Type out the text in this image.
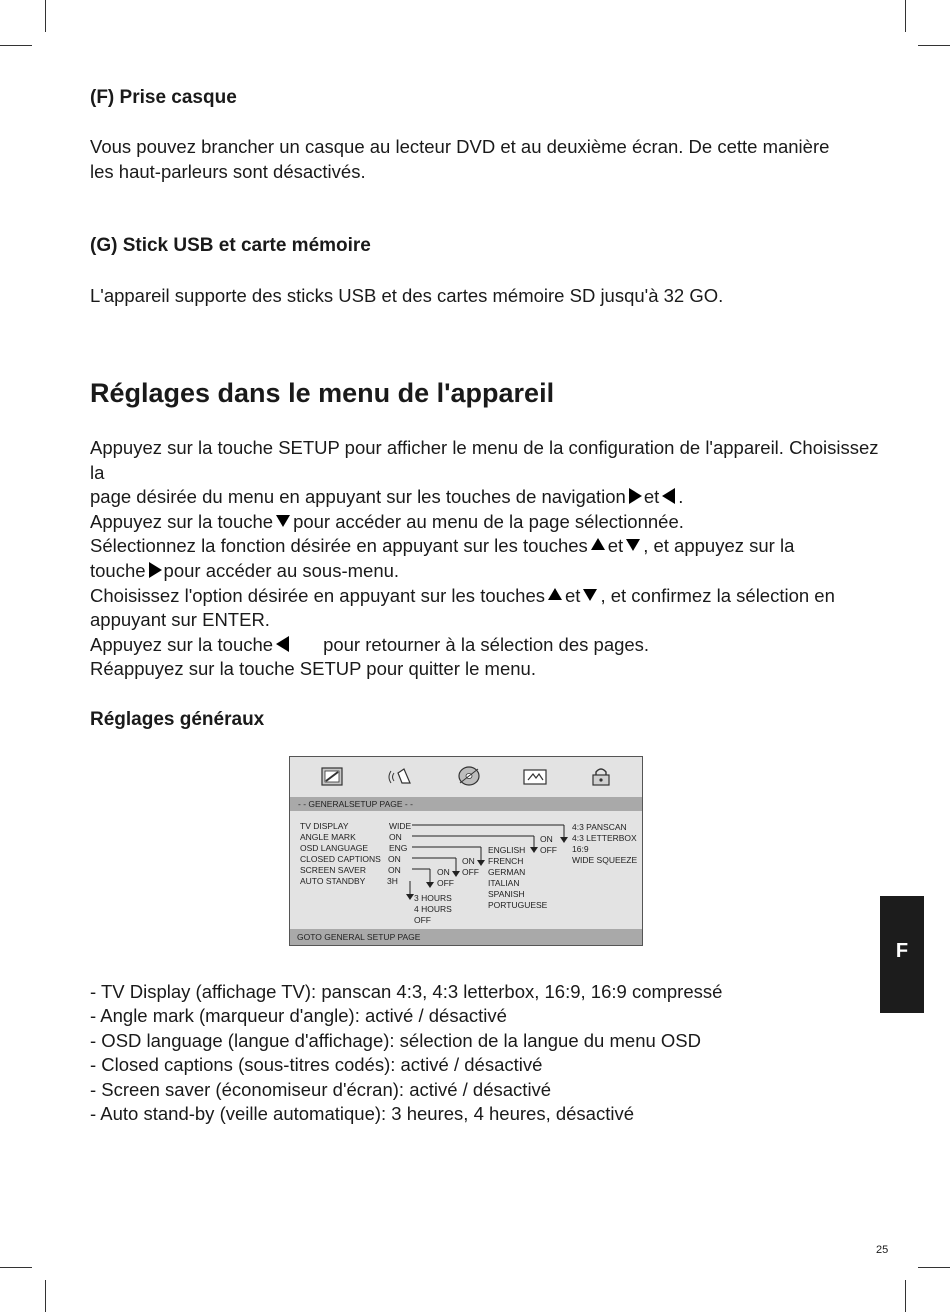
(F) Prise casque

Vous pouvez brancher un casque au lecteur DVD et au deuxième écran. De cette manière les haut-parleurs sont désactivés.

(G) Stick USB et carte mémoire

L'appareil supporte des sticks USB et des cartes mémoire SD jusqu'à 32 GO.

Réglages dans le menu de l'appareil
Appuyez sur la touche SETUP pour afficher le menu de la configuration de l'appareil. Choisissez la
page désirée du menu en appuyant sur les touches de navigation et .
Appuyez sur la touche pour accéder au menu de la page sélectionnée.
Sélectionnez la fonction désirée en appuyant sur les touches et , et appuyez sur la
touche pour accéder au sous-menu.
Choisissez l'option désirée en appuyant sur les touches et , et confirmez la sélection en
appuyant sur ENTER.
Appuyez sur la touche	pour retourner à la sélection des pages.
Réappuyez sur la touche SETUP pour quitter le menu.

Réglages généraux

- - GENERALSETUP PAGE - -
TV DISPLAY
ANGLE MARK
OSD LANGUAGE
CLOSED CAPTIONS
SCREEN SAVER
AUTO STANDBY
WIDE
ON
ENG
ON
ON
3H
4:3 PANSCAN
4:3 LETTERBOX
16:9
WIDE SQUEEZE
ON
OFF
ENGLISH
FRENCH
GERMAN
ITALIAN
SPANISH
PORTUGUESE
ON
OFF
ON
OFF
3 HOURS
4 HOURS
OFF
GOTO GENERAL SETUP PAGE

- TV Display (affichage TV): panscan 4:3, 4:3 letterbox, 16:9, 16:9 compressé

- Angle mark (marqueur d'angle): activé / désactivé

- OSD language (langue d'affichage): sélection de la langue du menu OSD

- Closed captions (sous-titres codés): activé / désactivé

- Screen saver (économiseur d'écran): activé / désactivé

- Auto stand-by (veille automatique): 3 heures, 4 heures, désactivé

F
25
